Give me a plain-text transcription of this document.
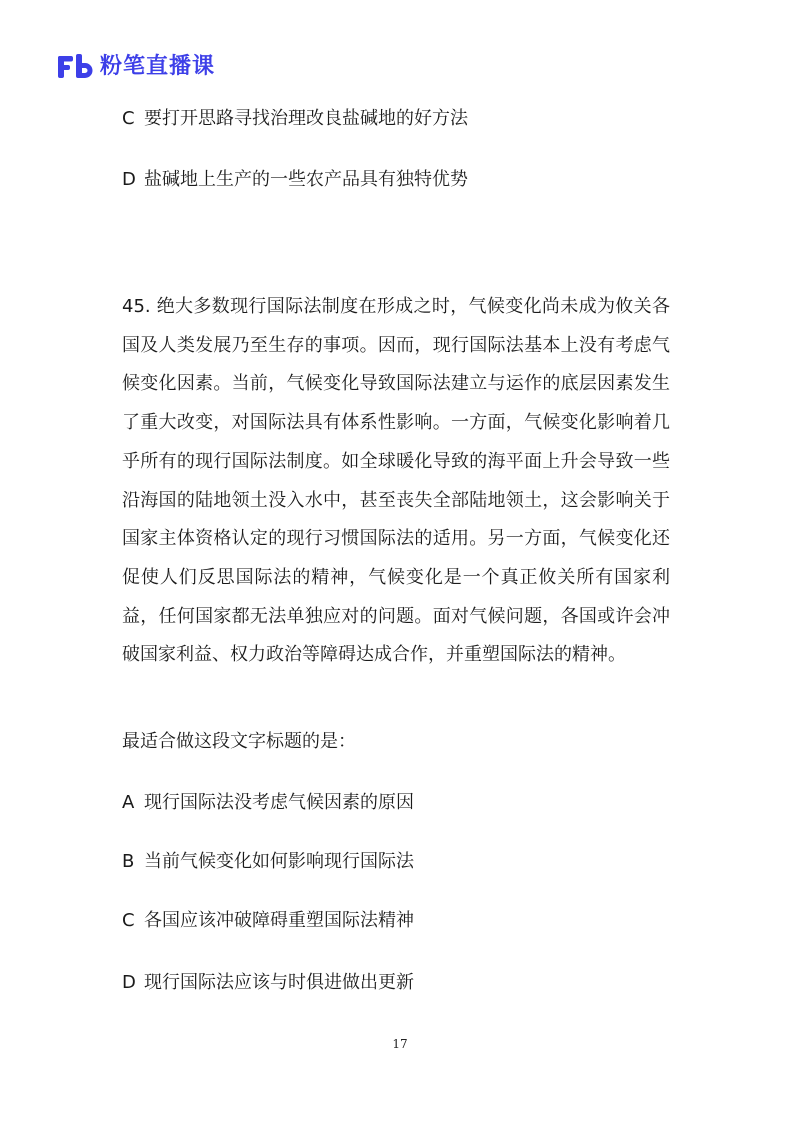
粉笔直播课

C 要打开思路寻找治理改良盐碱地的好方法

D 盐碱地上生产的一些农产品具有独特优势

45. 绝大多数现行国际法制度在形成之时，气候变化尚未成为攸关各国及人类发展乃至生存的事项。因而，现行国际法基本上没有考虑气候变化因素。当前，气候变化导致国际法建立与运作的底层因素发生了重大改变，对国际法具有体系性影响。一方面，气候变化影响着几乎所有的现行国际法制度。如全球暖化导致的海平面上升会导致一些沿海国的陆地领土没入水中，甚至丧失全部陆地领土，这会影响关于国家主体资格认定的现行习惯国际法的适用。另一方面，气候变化还促使人们反思国际法的精神，气候变化是一个真正攸关所有国家利益，任何国家都无法单独应对的问题。面对气候问题，各国或许会冲破国家利益、权力政治等障碍达成合作，并重塑国际法的精神。

最适合做这段文字标题的是：

A 现行国际法没考虑气候因素的原因

B 当前气候变化如何影响现行国际法

C 各国应该冲破障碍重塑国际法精神

D 现行国际法应该与时俱进做出更新

17
